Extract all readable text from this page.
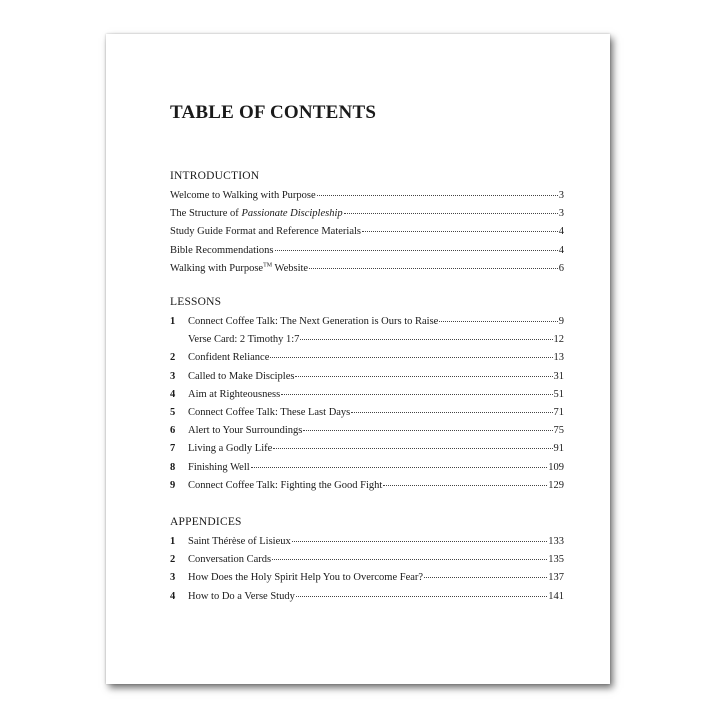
TABLE OF CONTENTS
INTRODUCTION
Welcome to Walking with Purpose	3
The Structure of Passionate Discipleship	3
Study Guide Format and Reference Materials	4
Bible Recommendations	4
Walking with Purpose™ Website	6
LESSONS
1	Connect Coffee Talk: The Next Generation is Ours to Raise	9
Verse Card: 2 Timothy 1:7	12
2	Confident Reliance	13
3	Called to Make Disciples	31
4	Aim at Righteousness	51
5	Connect Coffee Talk: These Last Days	71
6	Alert to Your Surroundings	75
7	Living a Godly Life	91
8	Finishing Well	109
9	Connect Coffee Talk: Fighting the Good Fight	129
APPENDICES
1	Saint Thérèse of Lisieux	133
2	Conversation Cards	135
3	How Does the Holy Spirit Help You to Overcome Fear?	137
4	How to Do a Verse Study	141
